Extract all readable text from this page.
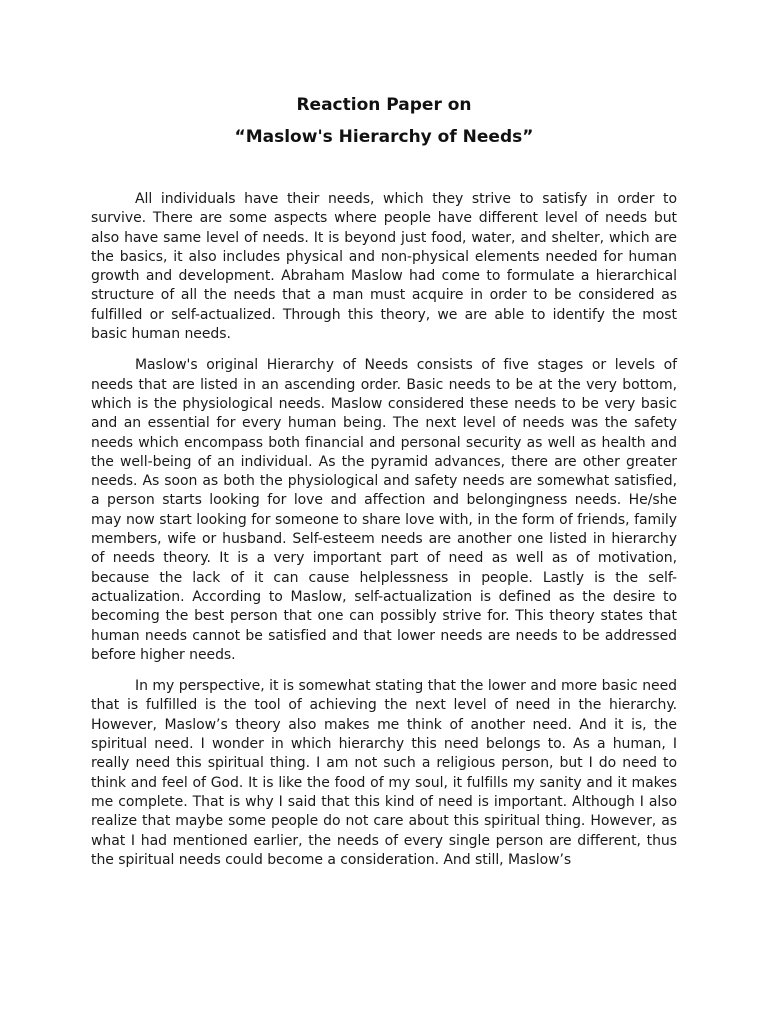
Reaction Paper on
“Maslow's Hierarchy of Needs”

All individuals have their needs, which they strive to satisfy in order to survive. There are some aspects where people have different level of needs but also have same level of needs. It is beyond just food, water, and shelter, which are the basics, it also includes physical and non-physical elements needed for human growth and development. Abraham Maslow had come to formulate a hierarchical structure of all the needs that a man must acquire in order to be considered as fulfilled or self-actualized. Through this theory, we are able to identify the most basic human needs.

Maslow's original Hierarchy of Needs consists of five stages or levels of needs that are listed in an ascending order. Basic needs to be at the very bottom, which is the physiological needs. Maslow considered these needs to be very basic and an essential for every human being. The next level of needs was the safety needs which encompass both financial and personal security as well as health and the well-being of an individual. As the pyramid advances, there are other greater needs. As soon as both the physiological and safety needs are somewhat satisfied, a person starts looking for love and affection and belongingness needs. He/she may now start looking for someone to share love with, in the form of friends, family members, wife or husband. Self-esteem needs are another one listed in hierarchy of needs theory. It is a very important part of need as well as of motivation, because the lack of it can cause helplessness in people. Lastly is the self-actualization. According to Maslow, self-actualization is defined as the desire to becoming the best person that one can possibly strive for. This theory states that human needs cannot be satisfied and that lower needs are needs to be addressed before higher needs.

In my perspective, it is somewhat stating that the lower and more basic need that is fulfilled is the tool of achieving the next level of need in the hierarchy. However, Maslow’s theory also makes me think of another need. And it is, the spiritual need. I wonder in which hierarchy this need belongs to. As a human, I really need this spiritual thing. I am not such a religious person, but I do need to think and feel of God. It is like the food of my soul, it fulfills my sanity and it makes me complete. That is why I said that this kind of need is important. Although I also realize that maybe some people do not care about this spiritual thing. However, as what I had mentioned earlier, the needs of every single person are different, thus the spiritual needs could become a consideration. And still, Maslow’s
